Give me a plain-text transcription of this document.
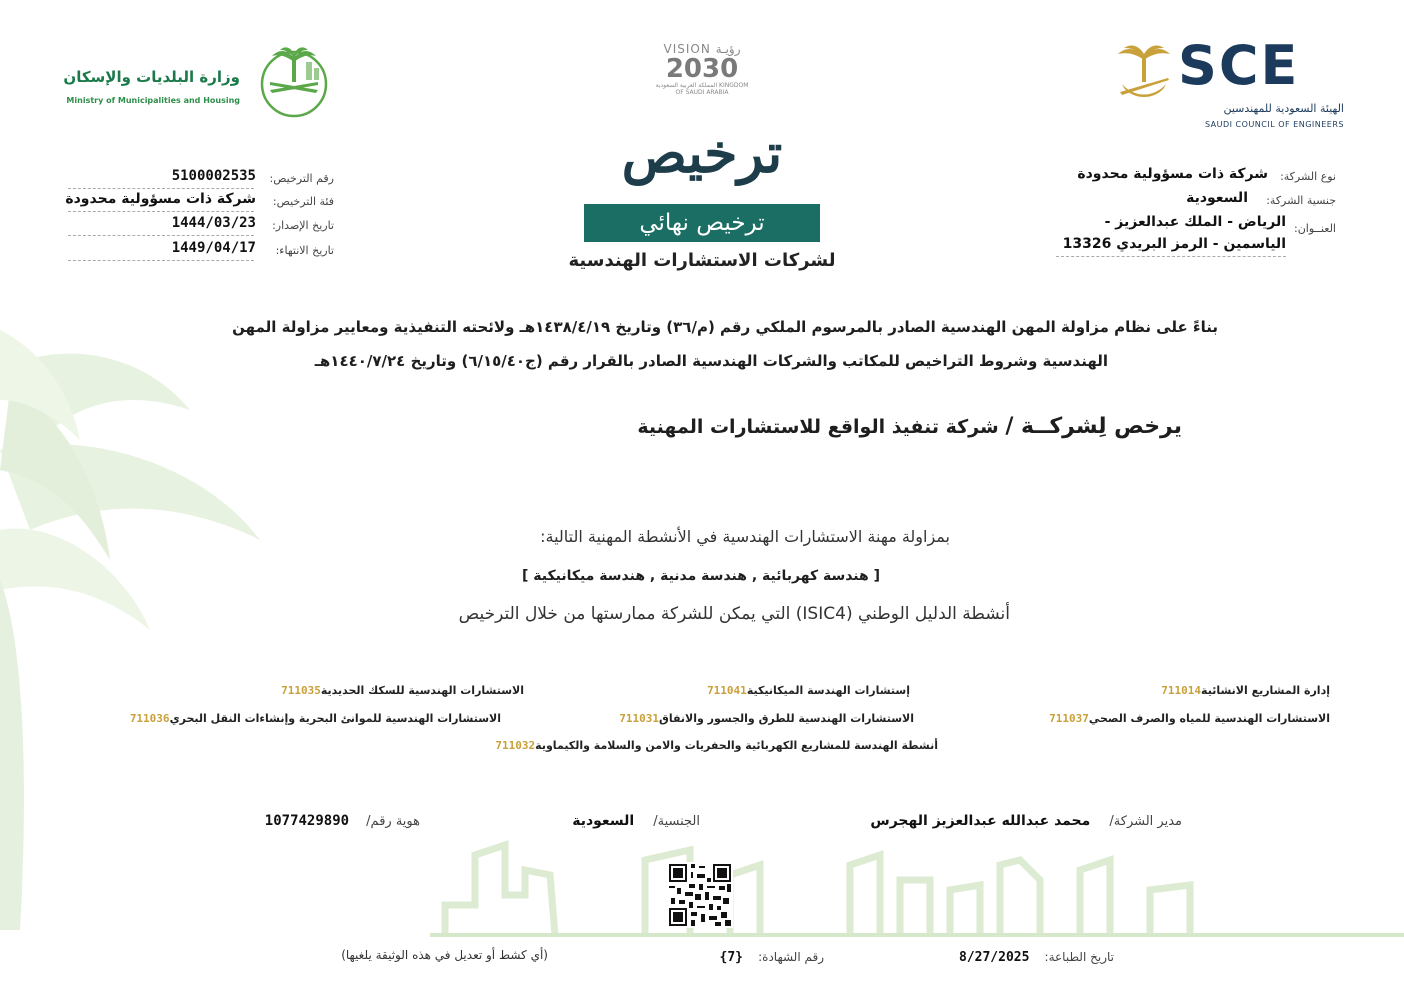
SCE
الهيئة السعودية للمهندسين
SAUDI COUNCIL OF ENGINEERS
VISION رؤيـة
2030
المملكة العربية السعودية KINGDOM OF SAUDI ARABIA
وزارة البلديات والإسكان
Ministry of Municipalities and Housing
ترخيص
ترخيص نهائي
لشركات الاستشارات الهندسية
نوع الشركة:
شركة ذات مسؤولية محدودة
جنسية الشركة:
السعودية
العنــوان:
الرياض - الملك عبدالعزيز -
الياسمين - الرمز البريدي 13326
رقم الترخيص:
5100002535
فئة الترخيص:
شركة ذات مسؤولية محدودة
تاريخ الإصدار:
1444/03/23
تاريخ الانتهاء:
1449/04/17
بناءً على نظام مزاولة المهن الهندسية الصادر بالمرسوم الملكي رقم (م/٣٦) وتاريخ ١٤٣٨/٤/١٩هـ ولائحته التنفيذية ومعايير مزاولة المهن
الهندسية وشروط التراخيص للمكاتب والشركات الهندسية الصادر بالقرار رقم (ج٦/١٥/٤٠) وتاريخ ١٤٤٠/٧/٢٤هـ
يرخص لِشركــة / شركة تنفيذ الواقع للاستشارات المهنية
بمزاولة مهنة الاستشارات الهندسية في الأنشطة المهنية التالية:
[ هندسة كهربائية , هندسة مدنية , هندسة ميكانيكية ]
أنشطة الدليل الوطني (ISIC4) التي يمكن للشركة ممارستها من خلال الترخيص
إدارة المشاريع الانشائية711014
إستشارات الهندسة الميكانيكية711041
الاستشارات الهندسية للسكك الحديدية711035
الاستشارات الهندسية للمياه والصرف الصحي711037
الاستشارات الهندسية للطرق والجسور والانفاق711031
الاستشارات الهندسية للموانئ البحرية وإنشاءات النقل البحري711036
أنشطة الهندسة للمشاريع الكهربائية والحفريات والامن والسلامة والكيماوية711032
مدير الشركة/ محمد عبدالله عبدالعزيز الهجرس
الجنسية/ السعودية
هوية رقم/ 1077429890
تاريخ الطباعة: 8/27/2025
رقم الشهادة: {7}
(أي كشط أو تعديل في هذه الوثيقة يلغيها)
